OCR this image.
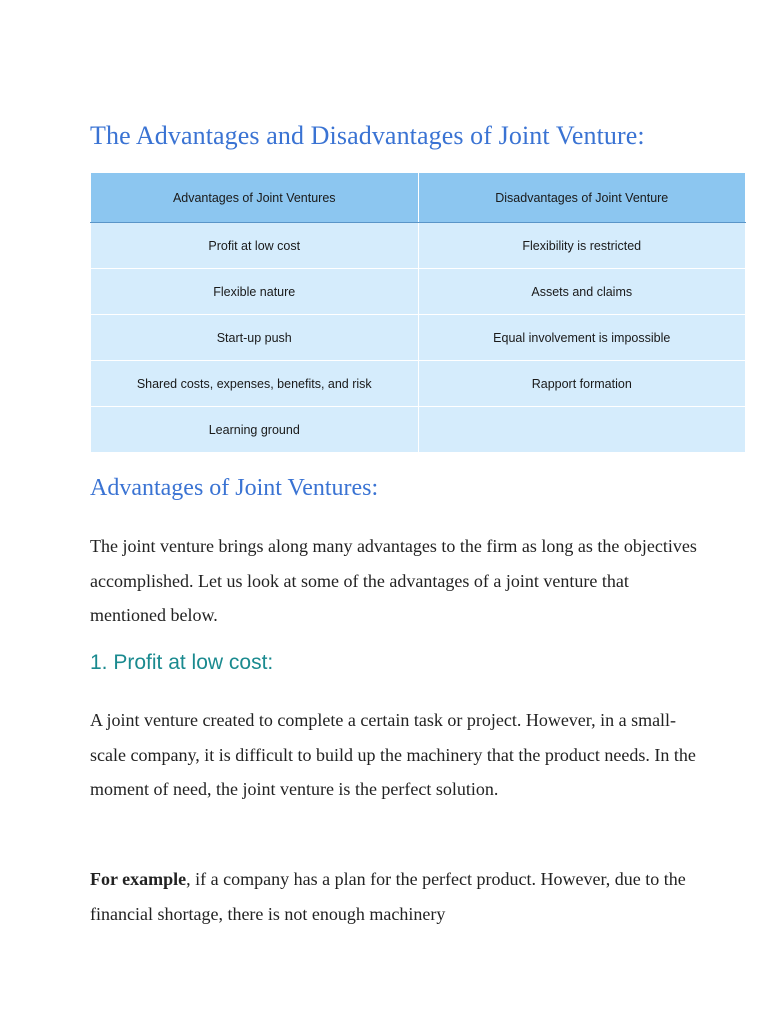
The Advantages and Disadvantages of Joint Venture:
Advantages of Joint Ventures	Disadvantages of Joint Venture
Profit at low cost	Flexibility is restricted
Flexible nature	Assets and claims
Start-up push	Equal involvement is impossible
Shared costs, expenses, benefits, and risk	Rapport formation
Learning ground	
Advantages of Joint Ventures:

The joint venture brings along many advantages to the firm as long as the objectives accomplished. Let us look at some of the advantages of a joint venture that mentioned below.

1. Profit at low cost:

A joint venture created to complete a certain task or project. However, in a small-scale company, it is difficult to build up the machinery that the product needs. In the moment of need, the joint venture is the perfect solution.

For example, if a company has a plan for the perfect product. However, due to the financial shortage, there is not enough machinery
